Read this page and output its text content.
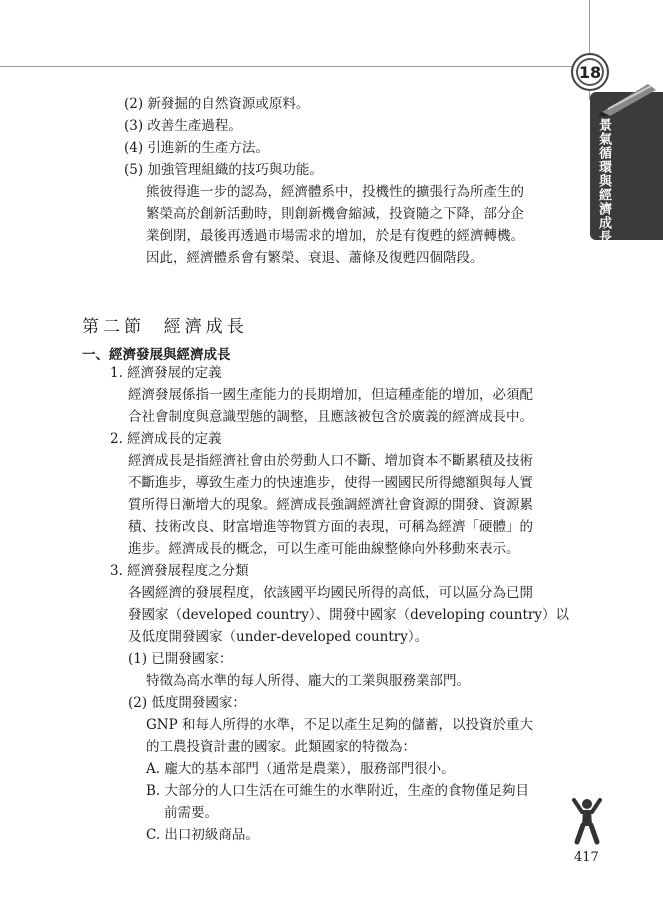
18
景氣循環與經濟成長
(2) 新發掘的自然資源或原料。
(3) 改善生產過程。
(4) 引進新的生產方法。
(5) 加強管理組織的技巧與功能。
熊彼得進一步的認為，經濟體系中，投機性的擴張行為所產生的
繁榮高於創新活動時，則創新機會縮減，投資隨之下降，部分企
業倒閉，最後再透過市場需求的增加，於是有復甦的經濟轉機。
因此，經濟體系會有繁榮、衰退、蕭條及復甦四個階段。
第二節  經濟成長
一、經濟發展與經濟成長
1. 經濟發展的定義
經濟發展係指一國生產能力的長期增加，但這種產能的增加，必須配
合社會制度與意識型態的調整，且應該被包含於廣義的經濟成長中。
2. 經濟成長的定義
經濟成長是指經濟社會由於勞動人口不斷、增加資本不斷累積及技術
不斷進步，導致生產力的快速進步，使得一國國民所得總額與每人實
質所得日漸增大的現象。經濟成長強調經濟社會資源的開發、資源累
積、技術改良、財富增進等物質方面的表現，可稱為經濟「硬體」的
進步。經濟成長的概念，可以生產可能曲線整條向外移動來表示。
3. 經濟發展程度之分類
各國經濟的發展程度，依該國平均國民所得的高低，可以區分為已開
發國家（developed country）、開發中國家（developing country）以
及低度開發國家（under-developed country）。
(1) 已開發國家：
特徵為高水準的每人所得、龐大的工業與服務業部門。
(2) 低度開發國家：
GNP 和每人所得的水準，不足以產生足夠的儲蓄，以投資於重大
的工農投資計畫的國家。此類國家的特徵為：
A. 龐大的基本部門（通常是農業），服務部門很小。
B. 大部分的人口生活在可維生的水準附近，生產的食物僅足夠目
前需要。
C. 出口初級商品。
417
